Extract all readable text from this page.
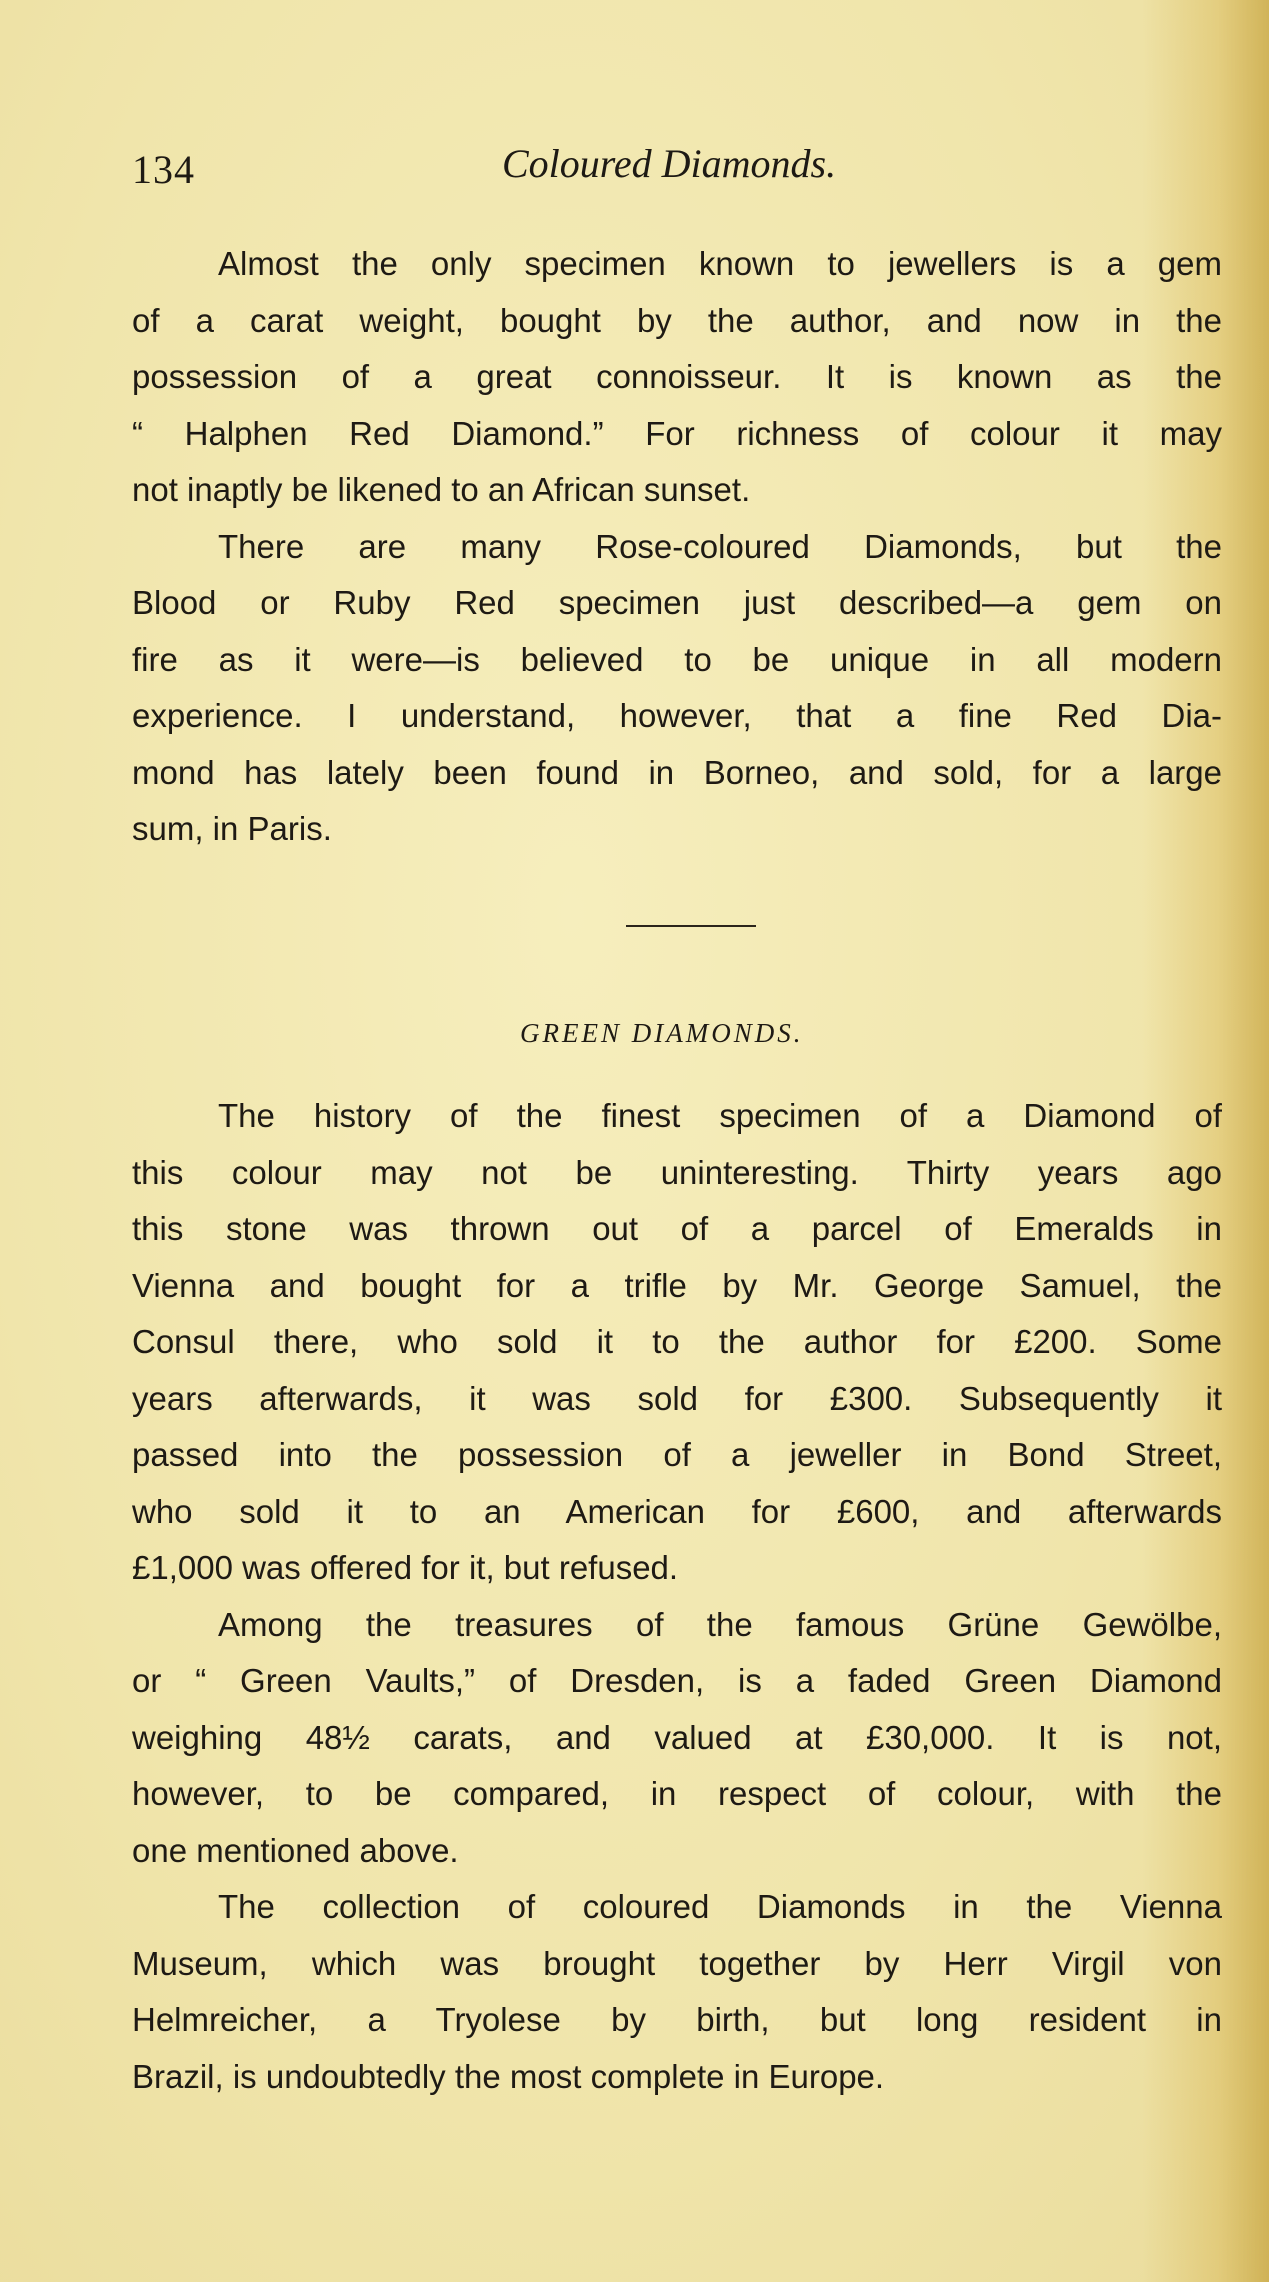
134	Coloured Diamonds.
Almost the only specimen known to jewellers is a gem
of a carat weight, bought by the author, and now in the
possession of a great connoisseur. It is known as the
“ Halphen Red Diamond.” For richness of colour it may
not inaptly be likened to an African sunset.
There are many Rose-coloured Diamonds, but the
Blood or Ruby Red specimen just described—a gem on
fire as it were—is believed to be unique in all modern
experience. I understand, however, that a fine Red Dia-
mond has lately been found in Borneo, and sold, for a large
sum, in Paris.
GREEN DIAMONDS.
The history of the finest specimen of a Diamond of
this colour may not be uninteresting. Thirty years ago
this stone was thrown out of a parcel of Emeralds in
Vienna and bought for a trifle by Mr. George Samuel, the
Consul there, who sold it to the author for £200. Some
years afterwards, it was sold for £300. Subsequently it
passed into the possession of a jeweller in Bond Street,
who sold it to an American for £600, and afterwards
£1,000 was offered for it, but refused.
Among the treasures of the famous Grüne Gewölbe,
or “ Green Vaults,” of Dresden, is a faded Green Diamond
weighing 48½ carats, and valued at £30,000. It is not,
however, to be compared, in respect of colour, with the
one mentioned above.
The collection of coloured Diamonds in the Vienna
Museum, which was brought together by Herr Virgil von
Helmreicher, a Tryolese by birth, but long resident in
Brazil, is undoubtedly the most complete in Europe.
